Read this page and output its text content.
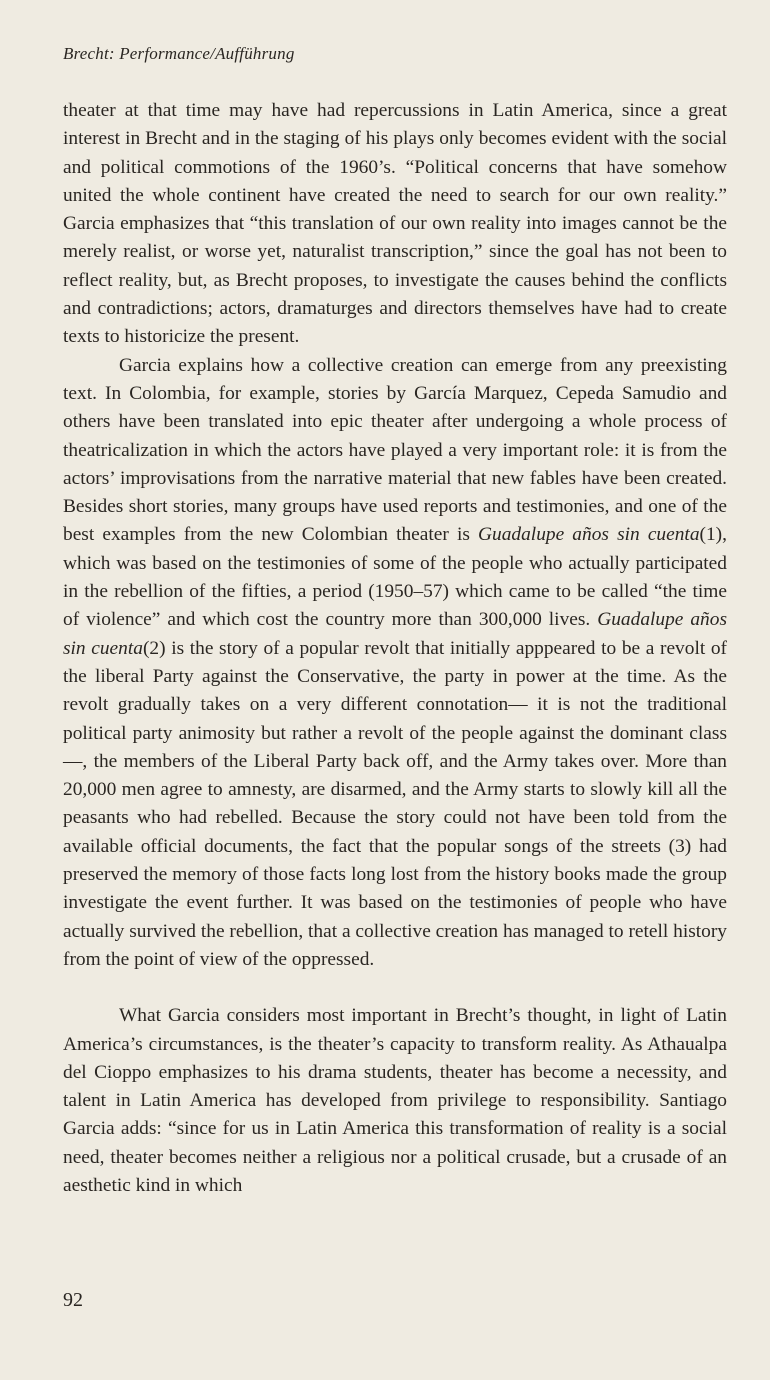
Brecht: Performance/Aufführung

theater at that time may have had repercussions in Latin America, since a great interest in Brecht and in the staging of his plays only becomes evident with the social and political commotions of the 1960’s. “Political concerns that have somehow united the whole continent have created the need to search for our own reality.” Garcia emphasizes that “this translation of our own reality into images cannot be the merely realist, or worse yet, naturalist transcription,” since the goal has not been to reflect reality, but, as Brecht proposes, to investigate the causes behind the conflicts and contradictions; actors, dramaturges and directors themselves have had to create texts to historicize the present.

Garcia explains how a collective creation can emerge from any preexisting text. In Colombia, for example, stories by García Marquez, Cepeda Samudio and others have been translated into epic theater after undergoing a whole process of theatricalization in which the actors have played a very important role: it is from the actors’ improvisations from the narrative material that new fables have been created. Besides short stories, many groups have used reports and testimonies, and one of the best examples from the new Colombian theater is Guadalupe años sin cuenta(1), which was based on the testimonies of some of the people who actually participated in the rebellion of the fifties, a period (1950–57) which came to be called “the time of violence” and which cost the country more than 300,000 lives. Guadalupe años sin cuenta(2) is the story of a popular revolt that initially apppeared to be a revolt of the liberal Party against the Conservative, the party in power at the time. As the revolt gradually takes on a very different connotation— it is not the traditional political party animosity but rather a revolt of the people against the dominant class—, the members of the Liberal Party back off, and the Army takes over. More than 20,000 men agree to amnesty, are disarmed, and the Army starts to slowly kill all the peasants who had rebelled. Because the story could not have been told from the available official documents, the fact that the popular songs of the streets (3) had preserved the memory of those facts long lost from the history books made the group investigate the event further. It was based on the testimonies of people who have actually survived the rebellion, that a collective creation has managed to retell history from the point of view of the oppressed.

What Garcia considers most important in Brecht’s thought, in light of Latin America’s circumstances, is the theater’s capacity to transform reality. As Athaualpa del Cioppo emphasizes to his drama students, theater has become a necessity, and talent in Latin America has developed from privilege to responsibility. Santiago Garcia adds: “since for us in Latin America this transformation of reality is a social need, theater becomes neither a religious nor a political crusade, but a crusade of an aesthetic kind in which

92
